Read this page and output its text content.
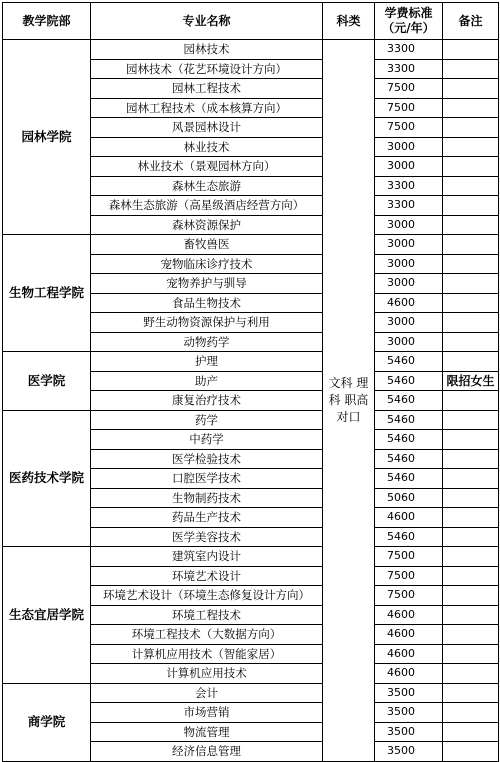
教学院部	专业名称	科类	学费标准（元/年）	备注
园林学院	园林技术	文科 理科 职高对口	3300	
	园林技术（花艺环境设计方向）		3300	
	园林工程技术		7500	
	园林工程技术（成本核算方向）		7500	
	风景园林设计		7500	
	林业技术		3000	
	林业技术（景观园林方向）		3000	
	森林生态旅游		3300	
	森林生态旅游（高星级酒店经营方向）		3300	
	森林资源保护		3000	
生物工程学院	畜牧兽医		3000	
	宠物临床诊疗技术		3000	
	宠物养护与驯导		3000	
	食品生物技术		4600	
	野生动物资源保护与利用		3000	
	动物药学		3000	
医学院	护理		5460	
	助产		5460	限招女生
	康复治疗技术		5460	
医药技术学院	药学		5460	
	中药学		5460	
	医学检验技术		5460	
	口腔医学技术		5460	
	生物制药技术		5060	
	药品生产技术		4600	
	医学美容技术		5460	
生态宜居学院	建筑室内设计		7500	
	环境艺术设计		7500	
	环境艺术设计（环境生态修复设计方向）		7500	
	环境工程技术		4600	
	环境工程技术（大数据方向）		4600	
	计算机应用技术（智能家居）		4600	
	计算机应用技术		4600	
商学院	会计		3500	
	市场营销		3500	
	物流管理		3500	
	经济信息管理		3500	
